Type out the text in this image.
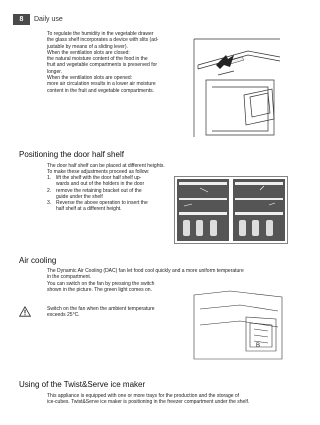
8	Daily use

To regulate the humidity in the vegetable drawer

the glass shelf incorporates a device with slits (ad-

justable by means of a sliding lever).

When the ventilation slots are closed:

the natural moisture content of the food in the

fruit and vegetable compartments is preserved for

longer.

When the ventilation slots are opened:

more air circulation results in a lower air moisture

content in the fruit and vegetable compartments.

Positioning the door half shelf

The door half shelf can be placed at different heights.

To make these adjustments proceed as follow:

1. lift the shelf with the door half shelf up-
wards and out of the holders in the door
2. remove the retaining bracket out of the
guide under the shelf
3. Reverse the above operation to insert the
half shelf at a different height.
Air cooling

The Dynamic Air Cooling (DAC) fan let food cool quickly and a more uniform temperature

in the compartment.

You can switch on the fan by pressing the switch

shown in the picture. The green light comes on.

Switch on the fan when the ambient temperature

exceeds 25°C.

B
Using of the Twist&Serve ice maker

This appliance is equipped with one or more trays for the production and the storage of

ice-cubes. Twist&Serve ice maker is positioning in the freezer compartment under the shelf.
